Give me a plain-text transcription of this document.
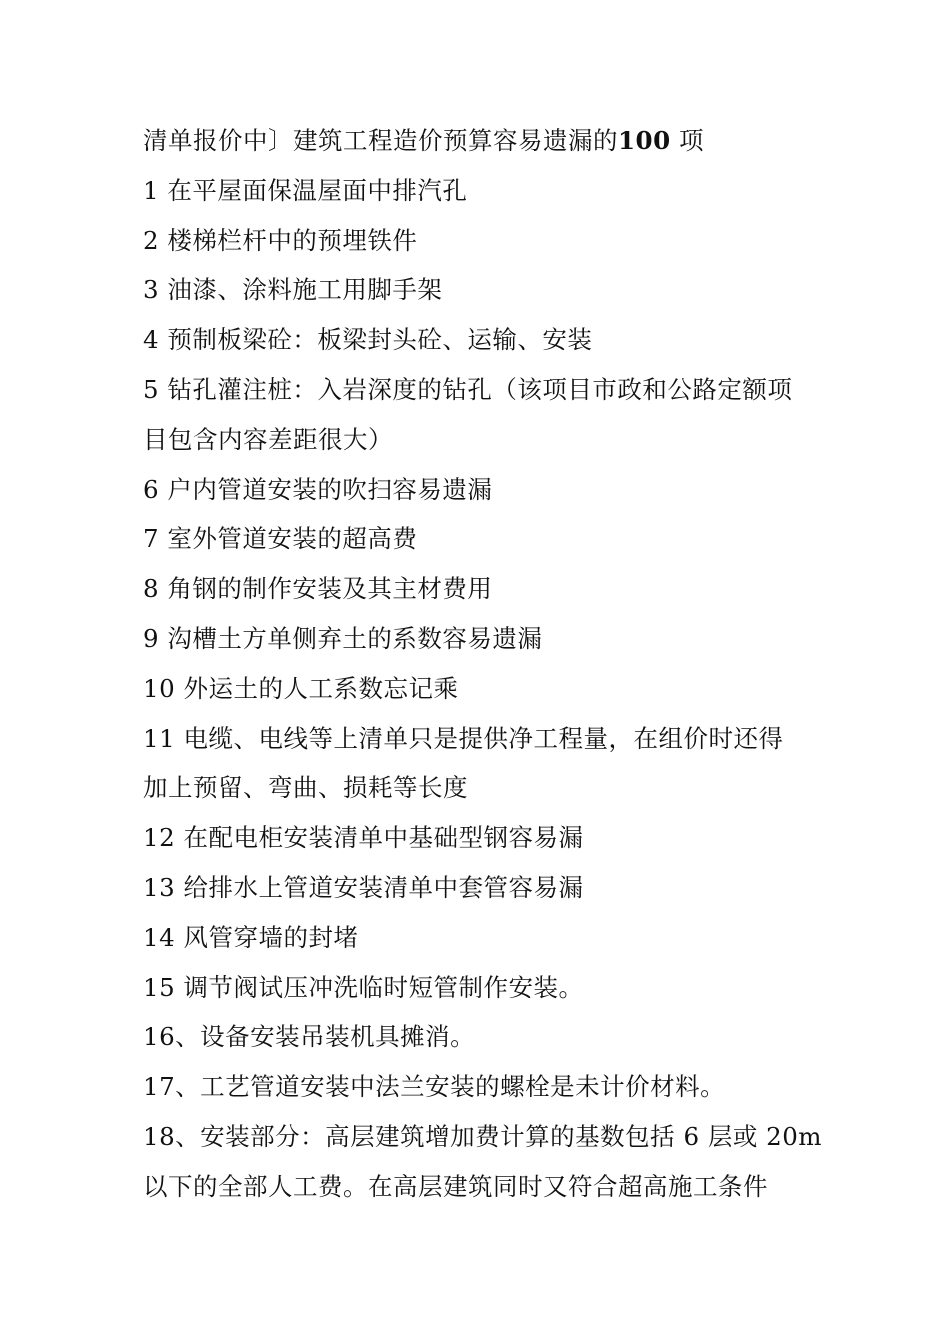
清单报价中〕建筑工程造价预算容易遗漏的100 项
1 在平屋面保温屋面中排汽孔
2 楼梯栏杆中的预埋铁件
3 油漆、涂料施工用脚手架
4 预制板梁砼：板梁封头砼、运输、安装
5 钻孔灌注桩：入岩深度的钻孔（该项目市政和公路定额项
目包含内容差距很大）
6 户内管道安装的吹扫容易遗漏
7 室外管道安装的超高费
8 角钢的制作安装及其主材费用
9 沟槽土方单侧弃土的系数容易遗漏
10 外运土的人工系数忘记乘
11 电缆、电线等上清单只是提供净工程量，在组价时还得
加上预留、弯曲、损耗等长度
12 在配电柜安装清单中基础型钢容易漏
13 给排水上管道安装清单中套管容易漏
14 风管穿墙的封堵
15 调节阀试压冲洗临时短管制作安装。
16、设备安装吊装机具摊消。
17、工艺管道安装中法兰安装的螺栓是未计价材料。
18、安装部分：高层建筑增加费计算的基数包括 6 层或 20m
以下的全部人工费。在高层建筑同时又符合超高施工条件
